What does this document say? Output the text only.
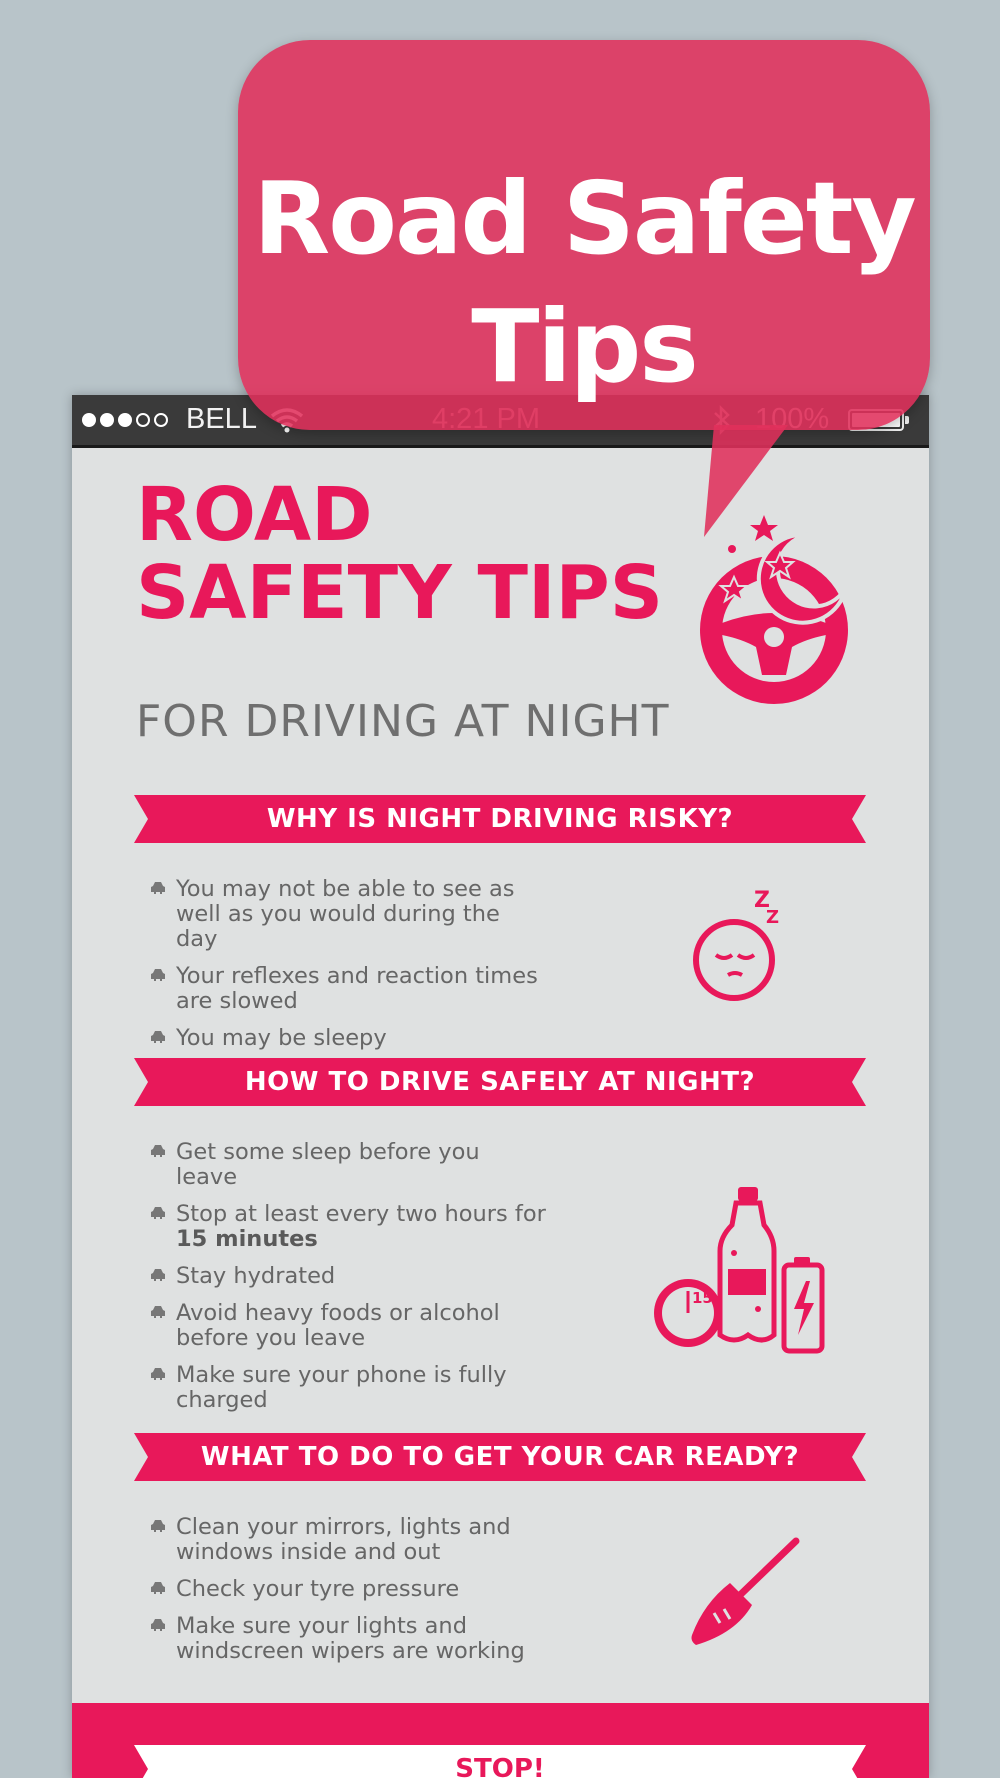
BELL
ROAD
SAFETY TIPS
FOR DRIVING AT NIGHT
WHY IS NIGHT DRIVING RISKY?
You may not be able to see as well as you would during the day
Your reflexes and reaction times are slowed
You may be sleepy
Z
Z
HOW TO DRIVE SAFELY AT NIGHT?
Get some sleep before you leave
Stop at least every two hours for
15 minutes
Stay hydrated
Avoid heavy foods or alcohol before you leave
Make sure your phone is fully charged
15
WHAT TO DO TO GET YOUR CAR READY?
Clean your mirrors, lights and windows inside and out
Check your tyre pressure
Make sure your lights and windscreen wipers are working
STOP!
Road Safety
Tips
